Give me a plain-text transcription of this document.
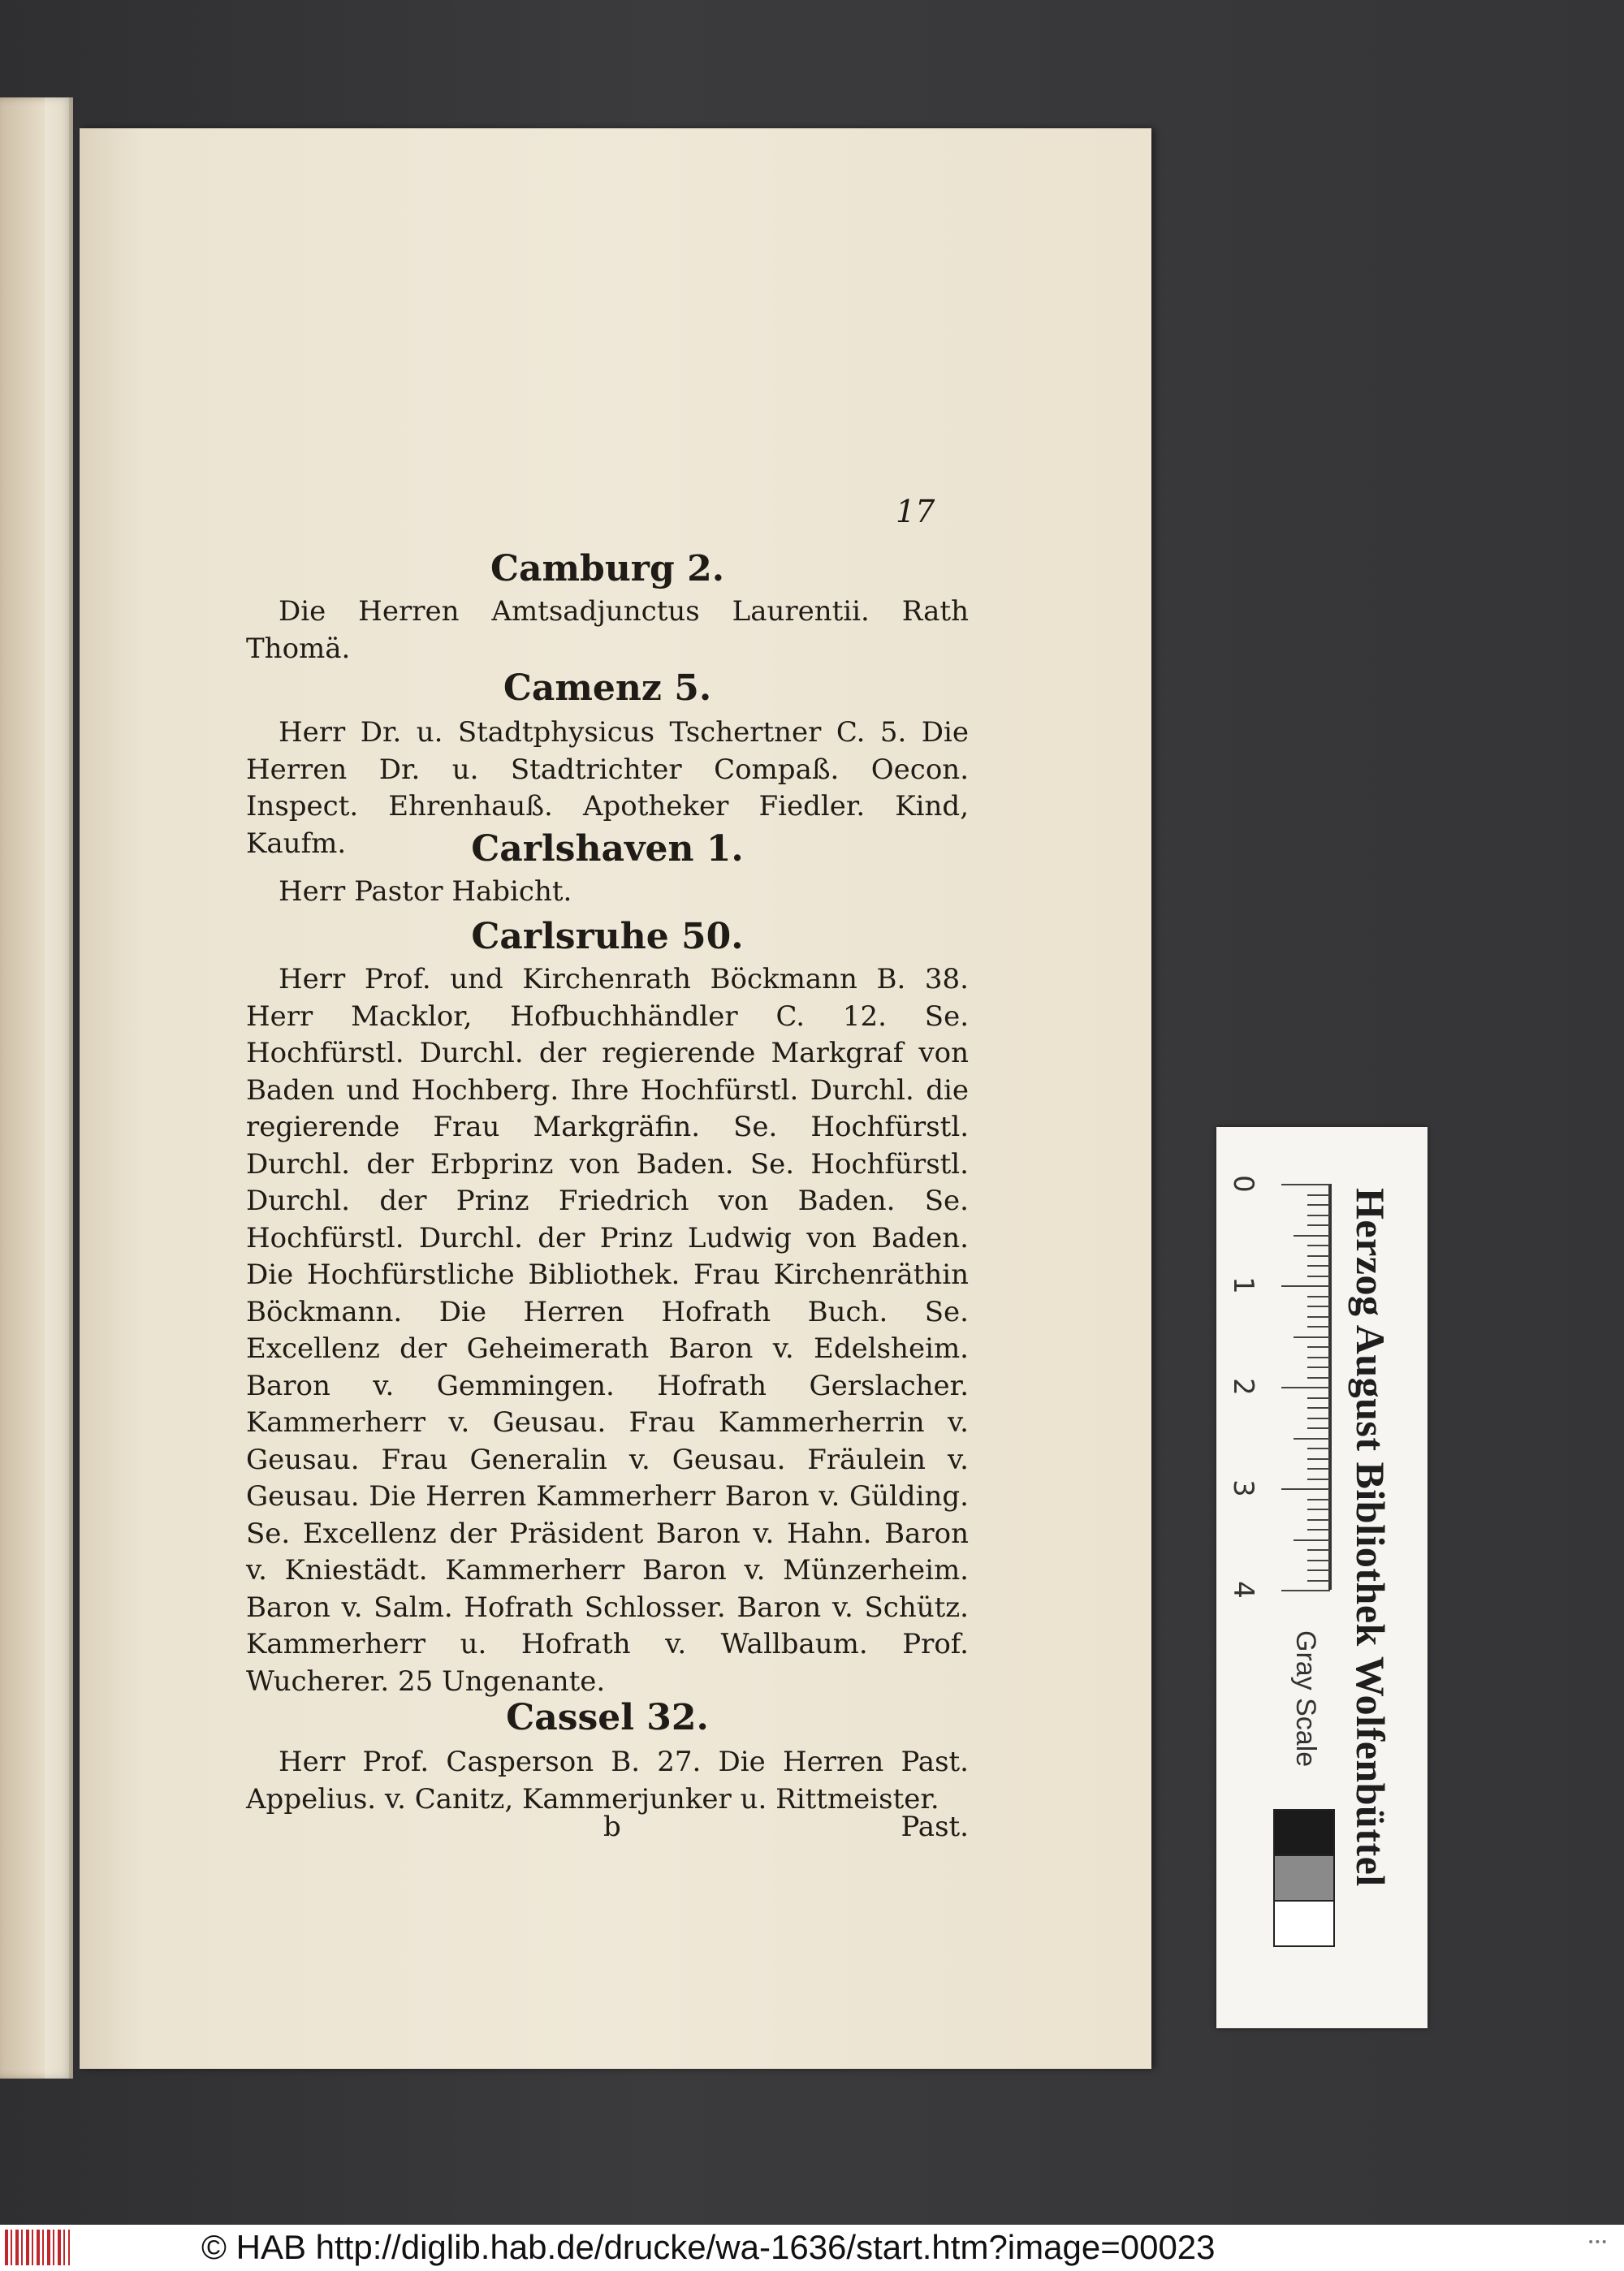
17

Camburg 2.

Die Herren Amtsadjunctus Laurentii. Rath Thomä.

Camenz 5.

Herr Dr. u. Stadtphysicus Tschertner C. 5. Die Herren Dr. u. Stadtrichter Compaß. Oecon. Inspect. Ehrenhauß. Apotheker Fiedler. Kind, Kaufm.	Carlshaven 1.

Herr Pastor Habicht.

Carlsruhe 50.

Herr Prof. und Kirchenrath Böckmann B. 38. Herr Macklor, Hofbuchhändler C. 12. Se. Hochfürstl. Durchl. der regierende Markgraf von Baden und Hochberg. Ihre Hochfürstl. Durchl. die regierende Frau Markgräfin. Se. Hochfürstl. Durchl. der Erbprinz von Baden. Se. Hochfürstl. Durchl. der Prinz Friedrich von Baden. Se. Hochfürstl. Durchl. der Prinz Ludwig von Baden. Die Hochfürstliche Bibliothek. Frau Kirchenräthin Böckmann. Die Herren Hofrath Buch. Se. Excellenz der Geheimerath Baron v. Edelsheim. Baron v. Gemmingen. Hofrath Gerslacher. Kammerherr v. Geusau. Frau Kammerherrin v. Geusau. Frau Generalin v. Geusau. Fräulein v. Geusau. Die Herren Kammerherr Baron v. Gülding. Se. Excellenz der Präsident Baron v. Hahn. Baron v. Kniestädt. Kammerherr Baron v. Münzerheim. Baron v. Salm. Hofrath Schlosser. Baron v. Schütz. Kammerherr u. Hofrath v. Wallbaum. Prof. Wucherer. 25 Ungenante.

Cassel 32.

Herr Prof. Casperson B. 27. Die Herren Past. Appelius. v. Canitz, Kammerjunker u. Rittmeister.

b	Past.
0
1
2
3
4 Herzog August Bibliothek Wolfenbüttel
Gray Scale
© HAB http://diglib.hab.de/drucke/wa-1636/start.htm?image=00023	•••
